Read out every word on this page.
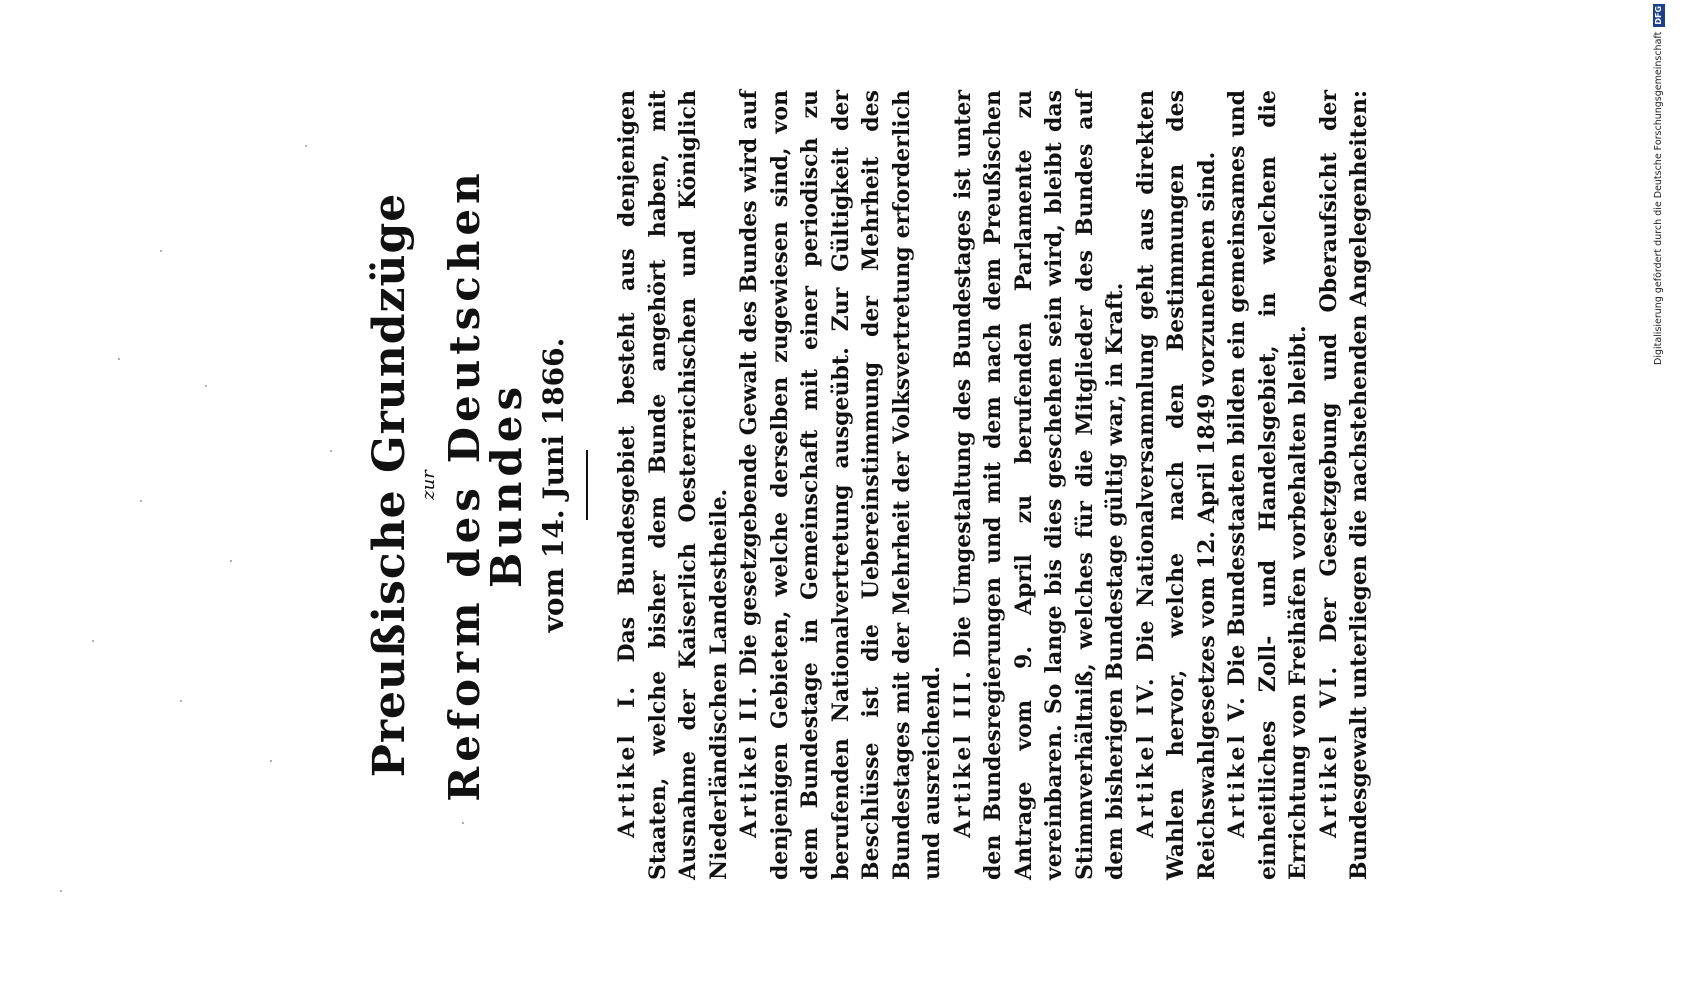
Preußische Grundzüge zur Reform des Deutschen Bundes vom 14. Juni 1866.

Artikel I. Das Bundesgebiet besteht aus denjenigen Staaten, welche bisher dem Bunde angehört haben, mit Ausnahme der Kaiserlich Oesterreichischen und Königlich Niederländischen Landestheile. Artikel II. Die gesetzgebende Gewalt des Bundes wird auf denjenigen Gebieten, welche derselben zugewiesen sind, von dem Bundestage in Gemeinschaft mit einer periodisch zu berufenden Nationalvertretung ausgeübt. Zur Gültigkeit der Beschlüsse ist die Uebereinstimmung der Mehrheit des Bundestages mit der Mehrheit der Volksvertretung erforderlich und ausreichend. Artikel III. Die Umgestaltung des Bundestages ist unter den Bundesregierungen und mit dem nach dem Preußischen Antrage vom 9. April zu berufenden Parlamente zu vereinbaren. So lange bis dies geschehen sein wird, bleibt das Stimmverhältniß, welches für die Mitglieder des Bundes auf dem bisherigen Bundestage gültig war, in Kraft. Artikel IV. Die Nationalversammlung geht aus direkten Wahlen hervor, welche nach den Bestimmungen des Reichswahlgesetzes vom 12. April 1849 vorzunehmen sind. Artikel V. Die Bundesstaaten bilden ein gemeinsames und einheitliches Zoll- und Handelsgebiet, in welchem die Errichtung von Freihäfen vorbehalten bleibt. Artikel VI. Der Gesetzgebung und Oberaufsicht der Bundesgewalt unterliegen die nachstehenden Angelegenheiten:	Digitalisierung gefördert durch die Deutsche Forschungsgemeinschaft DFG
